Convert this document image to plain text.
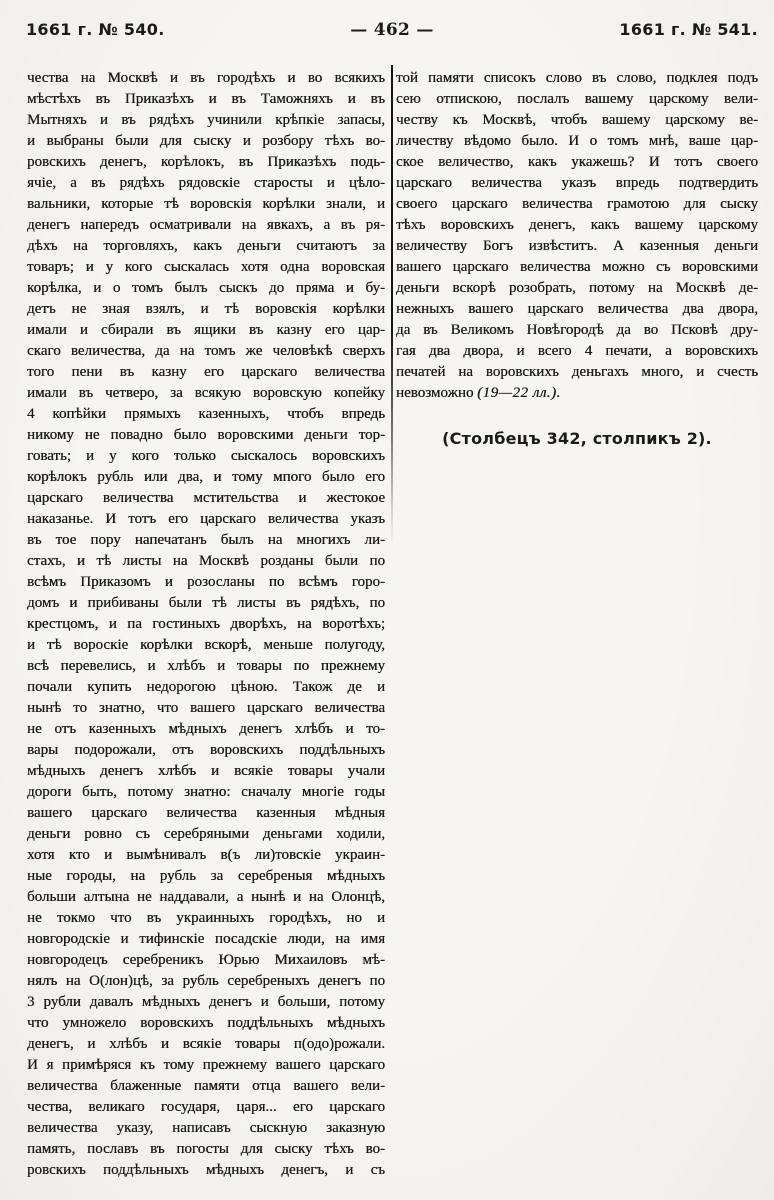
1661 г. № 540.	— 462 —	1661 г. № 541.
чества на Москвѣ и въ городѣхъ и во всякихъ
мѣстѣхъ въ Приказѣхъ и въ Таможняхъ и въ
Мытняхъ и въ рядѣхъ учинили крѣпкіе запасы,
и выбраны были для сыску и розбору тѣхъ во-
ровскихъ денегъ, корѣлокъ, въ Приказѣхъ подь-
ячіе, а въ рядѣхъ рядовскіе старосты и цѣло-
вальники, которые тѣ воровскія корѣлки знали, и
денегъ напередъ осматривали на явкахъ, а въ ря-
дѣхъ на торговляхъ, какъ деньги считаютъ за
товаръ; и у кого сыскалась хотя одна воровская
корѣлка, и о томъ былъ сыскъ до пряма и бу-
детъ не зная взялъ, и тѣ воровскія корѣлки
имали и сбирали въ ящики въ казну его цар-
скаго величества, да на томъ же человѣкѣ сверхъ
того пени въ казну его царскаго величества
имали въ четверо, за всякую воровскую копейку
4 копѣйки прямыхъ казенныхъ, чтобъ впредь
никому не повадно было воровскими деньги тор-
говать; и у кого только сыскалось воровскихъ
корѣлокъ рубль или два, и тому мпого было его
царскаго величества мстительства и жестокое
наказанье. И тотъ его царскаго величества указъ
въ тое пору напечатанъ былъ на многихъ ли-
стахъ, и тѣ листы на Москвѣ розданы были по
всѣмъ Приказомъ и розосланы по всѣмъ горо-
домъ и прибиваны были тѣ листы въ рядѣхъ, по
крестцомъ, и па гостиныхъ дворѣхъ, на воротѣхъ;
и тѣ вороскіе корѣлки вскорѣ, меньше полугоду,
всѣ перевелись, и хлѣбъ и товары по прежнему
почали купить недорогою цѣною. Також де и
нынѣ то знатно, что вашего царскаго величества
не отъ казенныхъ мѣдныхъ денегъ хлѣбъ и то-
вары подорожали, отъ воровскихъ поддѣльныхъ
мѣдныхъ денегъ хлѣбъ и всякіе товары учали
дороги быть, потому знатно: сначалу многіе годы
вашего царскаго величества казенныя мѣдныя
деньги ровно съ серебряными деньгами ходили,
хотя кто и вымѣнивалъ в(ъ ли)товскіе украин-
ные городы, на рубль за серебреныя мѣдныхъ
больши алтына не наддавали, а нынѣ и на Олонцѣ,
не токмо что въ украинныхъ городѣхъ, но и
новгородскіе и тифинскіе посадскіе люди, на имя
новгородецъ серебреникъ Юрью Михаиловъ мѣ-
нялъ на О(лон)цѣ, за рубль серебреныхъ денегъ по
3 рубли давалъ мѣдныхъ денегъ и больши, потому
что умножело воровскихъ поддѣльныхъ мѣдныхъ
денегъ, и хлѣбъ и всякіе товары п(одо)рожали.
И я примѣряся къ тому прежнему вашего царскаго
величества блаженные памяти отца вашего вели-
чества, великаго государя, царя... его царскаго
величества указу, написавъ сыскную заказную
память, пославъ въ погосты для сыску тѣхъ во-
ровскихъ поддѣльныхъ мѣдныхъ денегъ, и съ
той памяти списокъ слово въ слово, подклея подъ
сею отпискою, послалъ вашему царскому вели-
честву къ Москвѣ, чтобъ вашему царскому ве-
личеству вѣдомо было. И о томъ мнѣ, ваше цар-
ское величество, какъ укажешь? И тотъ своего
царскаго величества указъ впредь подтвердить
своего царскаго величества грамотою для сыску
тѣхъ воровскихъ денегъ, какъ вашему царскому
величеству Богъ извѣститъ. А казенныя деньги
вашего царскаго величества можно съ воровскими
деньги вскорѣ розобрать, потому на Москвѣ де-
нежныхъ вашего царскаго величества два двора,
да въ Великомъ Новѣгородѣ да во Псковѣ дру-
гая два двора, и всего 4 печати, а воровскихъ
печатей на воровскихъ деньгахъ много, и счесть
невозможно (19—22 лл.).
(Столбецъ 342, столпикъ 2).
